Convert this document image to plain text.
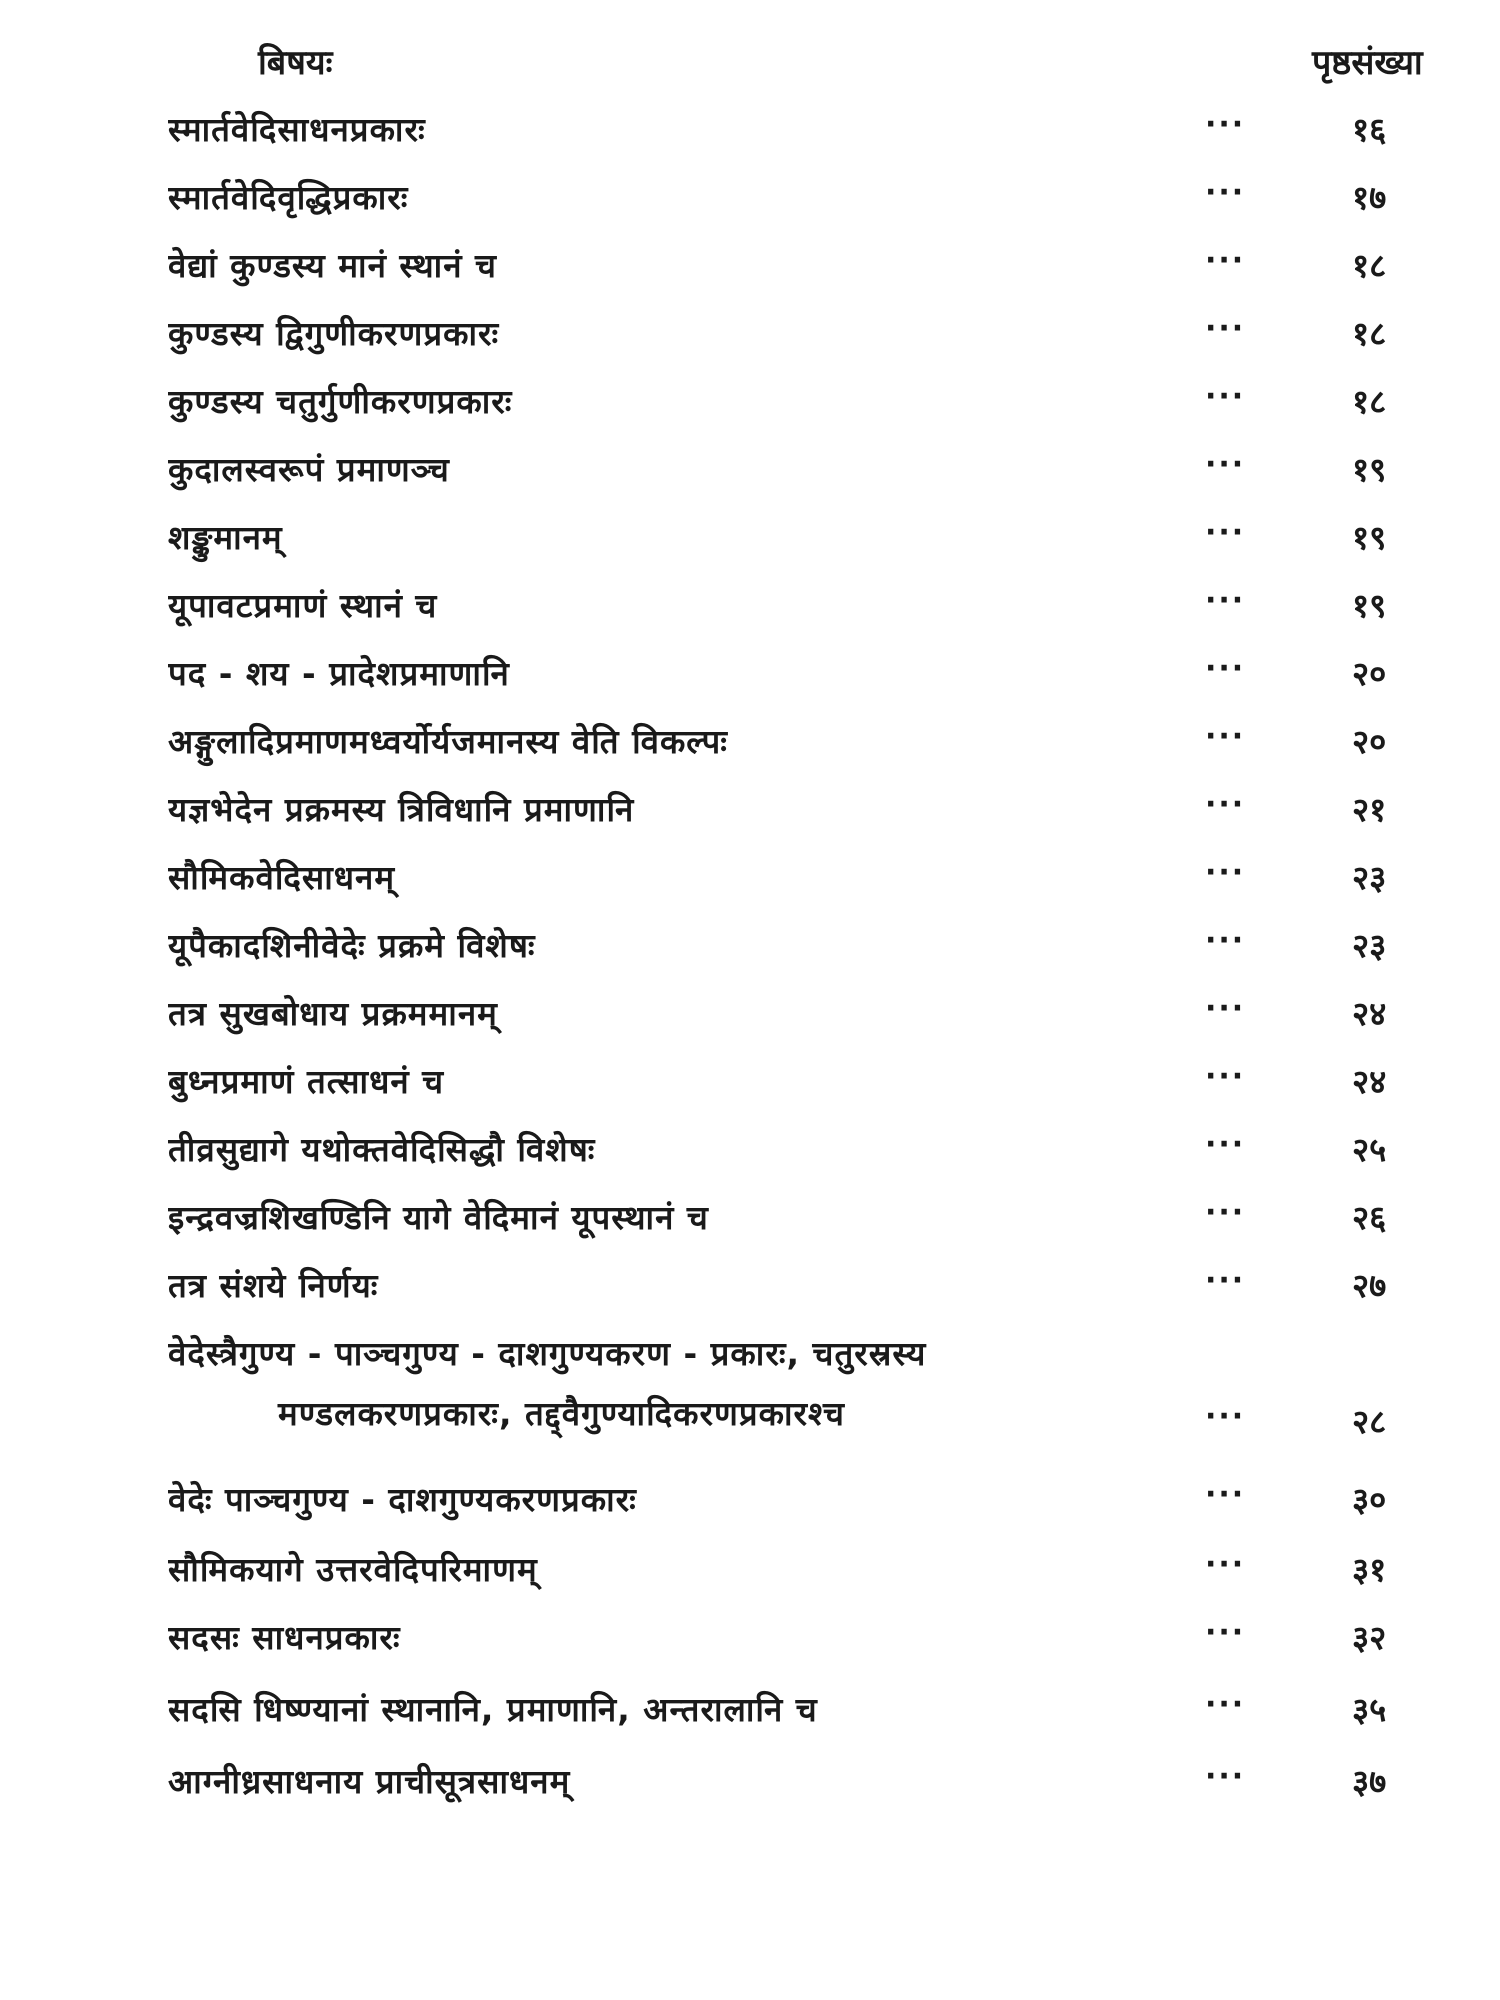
बिषयः	पृष्ठसंख्या
स्मार्तवेदिसाधनप्रकारः	···	१६
स्मार्तवेदिवृद्धिप्रकारः	···	१७
वेद्यां कुण्डस्य मानं स्थानं च	···	१८
कुण्डस्य द्विगुणीकरणप्रकारः	···	१८
कुण्डस्य चतुर्गुणीकरणप्रकारः	···	१८
कुदालस्वरूपं प्रमाणञ्च	···	१९
शङ्कुमानम्	···	१९
यूपावटप्रमाणं स्थानं च	···	१९
पद - शय - प्रादेशप्रमाणानि	···	२०
अङ्गुलादिप्रमाणमध्वर्योर्यजमानस्य वेति विकल्पः	···	२०
यज्ञभेदेन प्रक्रमस्य त्रिविधानि प्रमाणानि	···	२१
सौमिकवेदिसाधनम्	···	२३
यूपैकादशिनीवेदेः प्रक्रमे विशेषः	···	२३
तत्र सुखबोधाय प्रक्रममानम्	···	२४
बुध्नप्रमाणं तत्साधनं च	···	२४
तीव्रसुद्यागे यथोक्तवेदिसिद्धौ विशेषः	···	२५
इन्द्रवज्रशिखण्डिनि यागे वेदिमानं यूपस्थानं च	···	२६
तत्र संशये निर्णयः	···	२७
वेदेस्त्रैगुण्य - पाञ्चगुण्य - दाशगुण्यकरण - प्रकारः, चतुरस्रस्य
मण्डलकरणप्रकारः, तद्द्वैगुण्यादिकरणप्रकारश्च	···	२८
वेदेः पाञ्चगुण्य - दाशगुण्यकरणप्रकारः	···	३०
सौमिकयागे उत्तरवेदिपरिमाणम्	···	३१
सदसः साधनप्रकारः	···	३२
सदसि धिष्ण्यानां स्थानानि, प्रमाणानि, अन्तरालानि च	···	३५
आग्नीध्रसाधनाय प्राचीसूत्रसाधनम्	···	३७
